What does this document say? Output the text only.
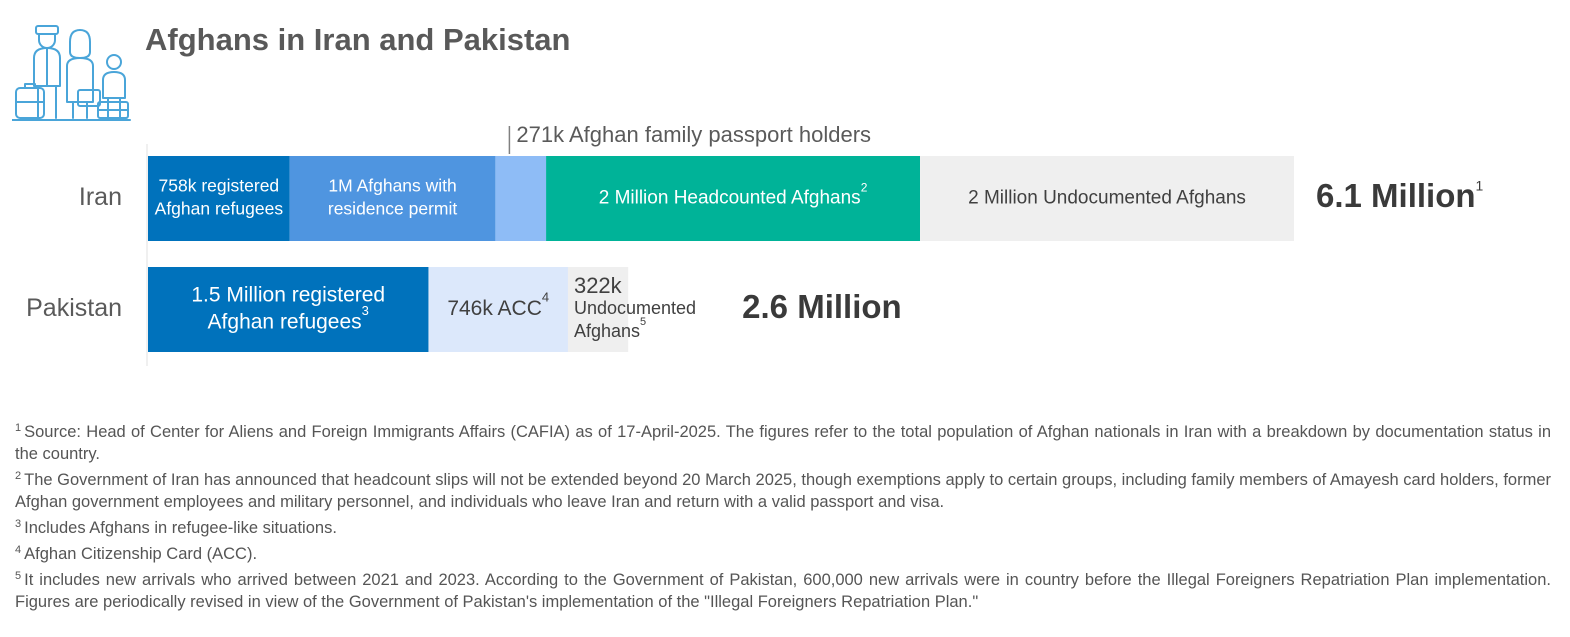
Afghans in Iran and Pakistan
Iran 758k registered Afghan refugees
1M Afghans with residence permit
271k Afghan family passport holders
2 Million Headcounted Afghans$^2$
2 Million Undocumented Afghans 6.1 Million$^1$
Pakistan	1.5 Million registered Afghan refugees$^3$	746k ACC$^4$ 322k Undocumented Afghans$^5$	2.6 Million

$^1$ Source: Head of Center for Aliens and Foreign Immigrants Affairs (CAFIA) as of 17-April-2025. The figures refer to the total population of Afghan nationals in Iran with a breakdown by documentation status in the country.

$^2$ The Government of Iran has announced that headcount slips will not be extended beyond 20 March 2025, though exemptions apply to certain groups, including family members of Amayesh card holders, former Afghan government employees and military personnel, and individuals who leave Iran and return with a valid passport and visa.

$^3$ Includes Afghans in refugee-like situations.

$^4$ Afghan Citizenship Card (ACC).

$^5$ It includes new arrivals who arrived between 2021 and 2023. According to the Government of Pakistan, 600,000 new arrivals were in country before the Illegal Foreigners Repatriation Plan implementation. Figures are periodically revised in view of the Government of Pakistan's implementation of the "Illegal Foreigners Repatriation Plan."
